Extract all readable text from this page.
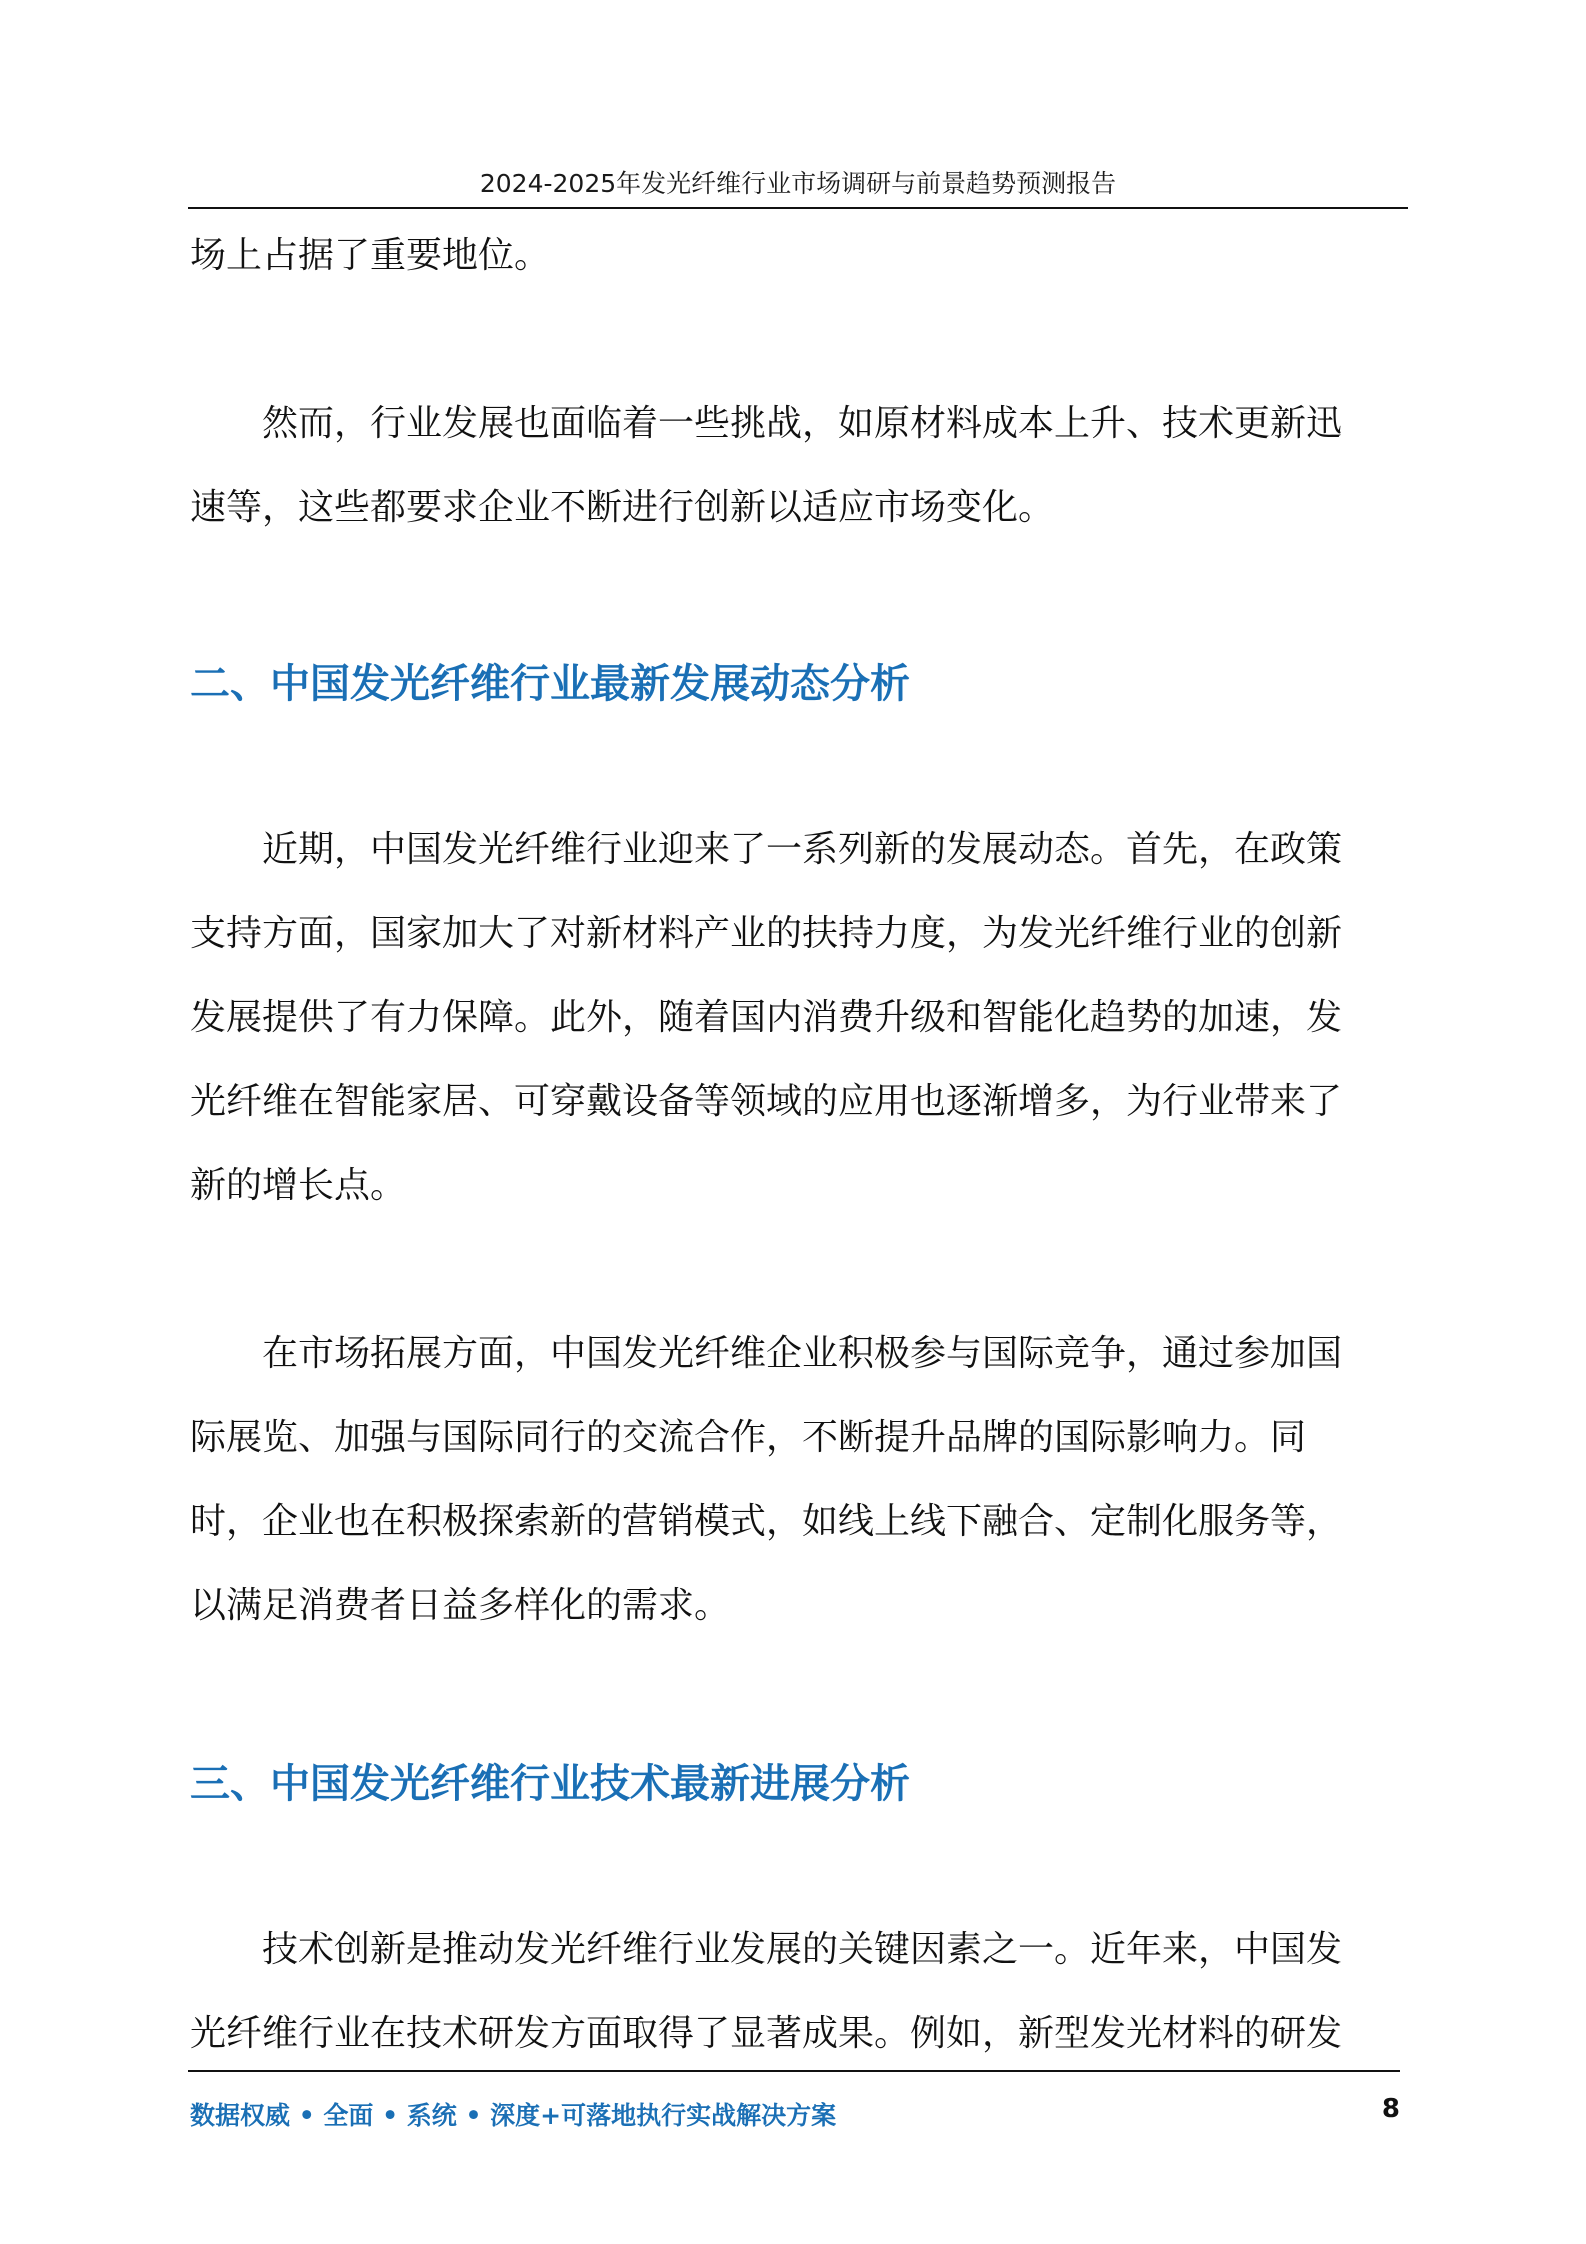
2024-2025年发光纤维行业市场调研与前景趋势预测报告

场上占据了重要地位。

　　然而，行业发展也面临着一些挑战，如原材料成本上升、技术更新迅

速等，这些都要求企业不断进行创新以适应市场变化。

二、中国发光纤维行业最新发展动态分析

　　近期，中国发光纤维行业迎来了一系列新的发展动态。首先，在政策

支持方面，国家加大了对新材料产业的扶持力度，为发光纤维行业的创新

发展提供了有力保障。此外，随着国内消费升级和智能化趋势的加速，发

光纤维在智能家居、可穿戴设备等领域的应用也逐渐增多，为行业带来了

新的增长点。

　　在市场拓展方面，中国发光纤维企业积极参与国际竞争，通过参加国

际展览、加强与国际同行的交流合作，不断提升品牌的国际影响力。同

时，企业也在积极探索新的营销模式，如线上线下融合、定制化服务等，

以满足消费者日益多样化的需求。

三、中国发光纤维行业技术最新进展分析

　　技术创新是推动发光纤维行业发展的关键因素之一。近年来，中国发

光纤维行业在技术研发方面取得了显著成果。例如，新型发光材料的研发

数据权威 • 全面 • 系统 • 深度+可落地执行实战解决方案	8
